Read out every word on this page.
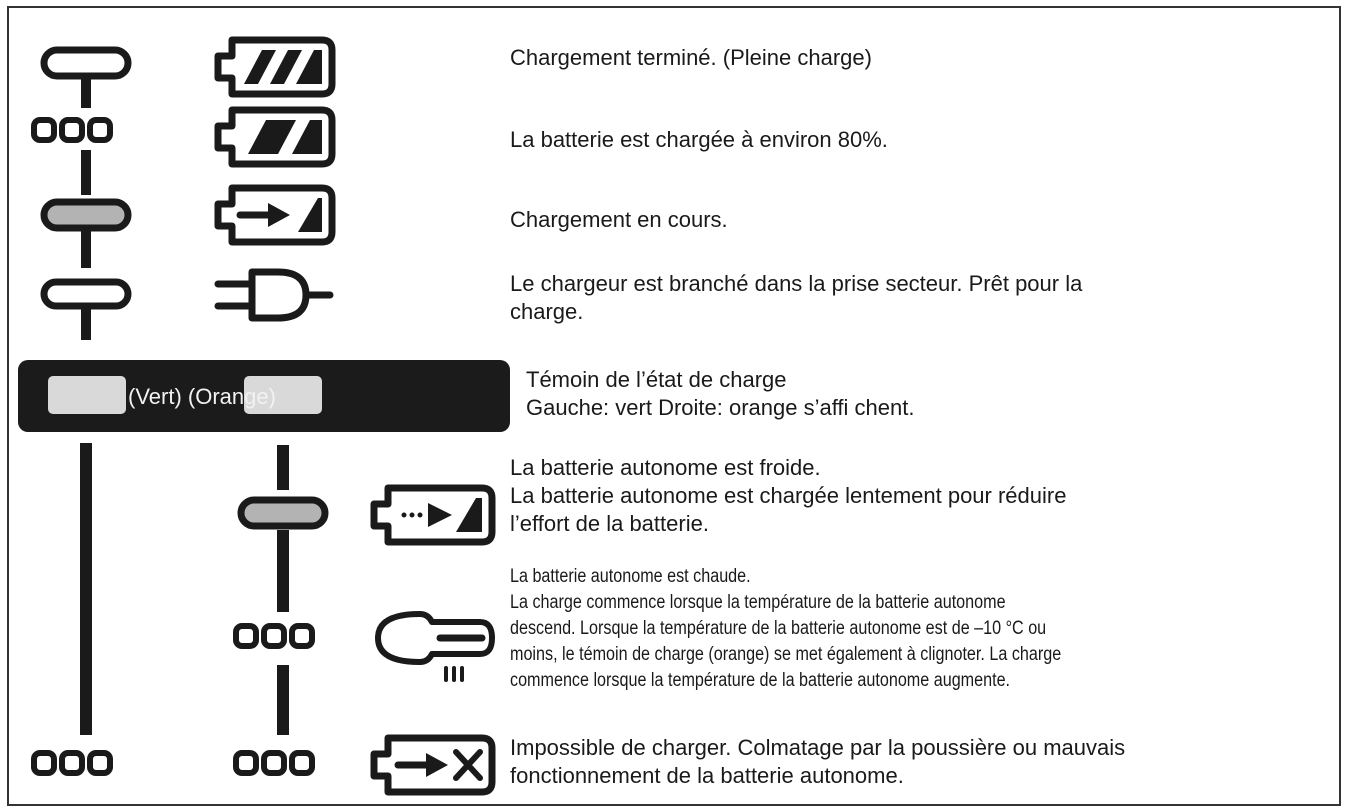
(Vert) (Orange)
Chargement terminé. (Pleine charge)
La batterie est chargée à environ 80%.
Chargement en cours.
Le chargeur est branché dans la prise secteur. Prêt pour la
charge.
Témoin de l’état de charge
Gauche: vert Droite: orange s’affi chent.
La batterie autonome est froide.
La batterie autonome est chargée lentement pour réduire
l’effort de la batterie.
La batterie autonome est chaude.
La charge commence lorsque la température de la batterie autonome
descend. Lorsque la température de la batterie autonome est de –10 °C ou
moins, le témoin de charge (orange) se met également à clignoter. La charge
commence lorsque la température de la batterie autonome augmente.
Impossible de charger. Colmatage par la poussière ou mauvais
fonctionnement de la batterie autonome.
